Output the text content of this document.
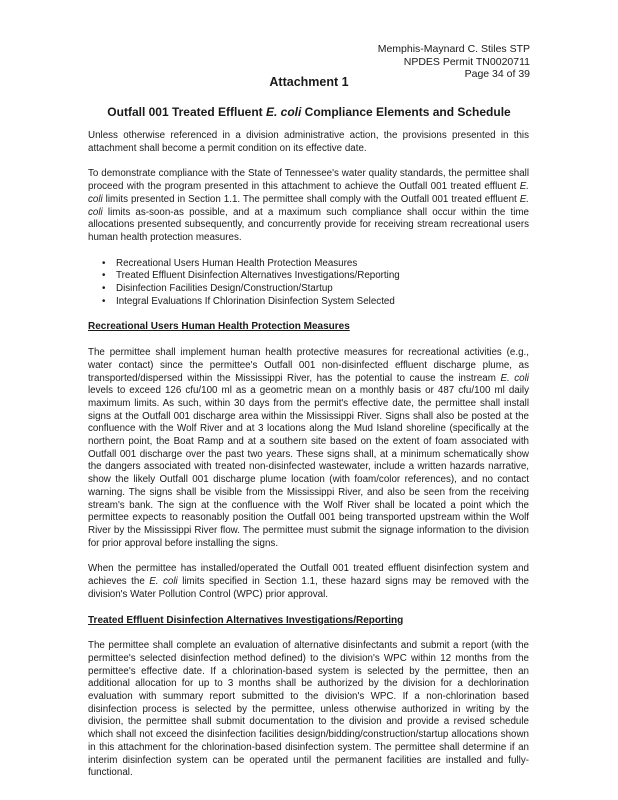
Memphis-Maynard C. Stiles STP
NPDES Permit TN0020711
Page 34 of 39
Attachment 1
Outfall 001 Treated Effluent E. coli Compliance Elements and Schedule

Unless otherwise referenced in a division administrative action, the provisions presented in this attachment shall become a permit condition on its effective date.

To demonstrate compliance with the State of Tennessee's water quality standards, the permittee shall proceed with the program presented in this attachment to achieve the Outfall 001 treated effluent E. coli limits presented in Section 1.1. The permittee shall comply with the Outfall 001 treated effluent E. coli limits as-soon-as possible, and at a maximum such compliance shall occur within the time allocations presented subsequently, and concurrently provide for receiving stream recreational users human health protection measures.

• Recreational Users Human Health Protection Measures
• Treated Effluent Disinfection Alternatives Investigations/Reporting
• Disinfection Facilities Design/Construction/Startup
• Integral Evaluations If Chlorination Disinfection System Selected
Recreational Users Human Health Protection Measures

The permittee shall implement human health protective measures for recreational activities (e.g., water contact) since the permittee's Outfall 001 non-disinfected effluent discharge plume, as transported/dispersed within the Mississippi River, has the potential to cause the instream E. coli levels to exceed 126 cfu/100 ml as a geometric mean on a monthly basis or 487 cfu/100 ml daily maximum limits. As such, within 30 days from the permit's effective date, the permittee shall install signs at the Outfall 001 discharge area within the Mississippi River. Signs shall also be posted at the confluence with the Wolf River and at 3 locations along the Mud Island shoreline (specifically at the northern point, the Boat Ramp and at a southern site based on the extent of foam associated with Outfall 001 discharge over the past two years. These signs shall, at a minimum schematically show the dangers associated with treated non-disinfected wastewater, include a written hazards narrative, show the likely Outfall 001 discharge plume location (with foam/color references), and no contact warning. The signs shall be visible from the Mississippi River, and also be seen from the receiving stream's bank. The sign at the confluence with the Wolf River shall be located a point which the permittee expects to reasonably position the Outfall 001 being transported upstream within the Wolf River by the Mississippi River flow. The permittee must submit the signage information to the division for prior approval before installing the signs.

When the permittee has installed/operated the Outfall 001 treated effluent disinfection system and achieves the E. coli limits specified in Section 1.1, these hazard signs may be removed with the division's Water Pollution Control (WPC) prior approval.

Treated Effluent Disinfection Alternatives Investigations/Reporting

The permittee shall complete an evaluation of alternative disinfectants and submit a report (with the permittee's selected disinfection method defined) to the division's WPC within 12 months from the permittee's effective date. If a chlorination-based system is selected by the permittee, then an additional allocation for up to 3 months shall be authorized by the division for a dechlorination evaluation with summary report submitted to the division's WPC. If a non-chlorination based disinfection process is selected by the permittee, unless otherwise authorized in writing by the division, the permittee shall submit documentation to the division and provide a revised schedule which shall not exceed the disinfection facilities design/bidding/construction/startup allocations shown in this attachment for the chlorination-based disinfection system. The permittee shall determine if an interim disinfection system can be operated until the permanent facilities are installed and fully-functional.
